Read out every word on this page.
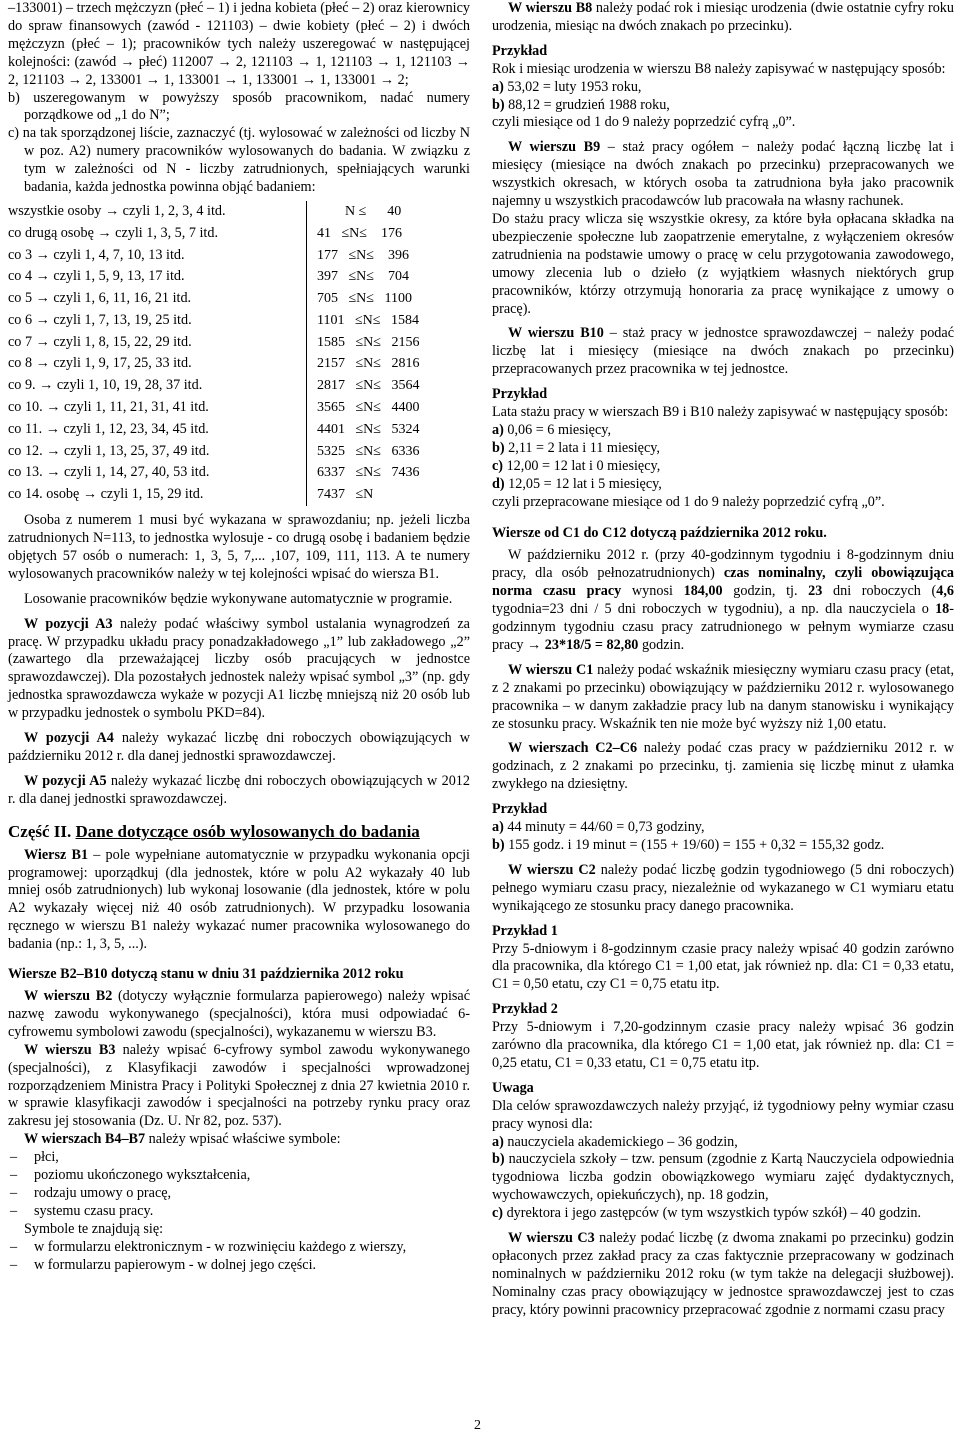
–133001) – trzech mężczyzn (płeć – 1) i jedna kobieta (płeć – 2) oraz kierownicy do spraw finansowych (zawód - 121103) – dwie kobiety (płeć – 2) i dwóch mężczyzn (płeć – 1); pracowników tych należy uszeregować w następującej kolejności: (zawód → płeć) 112007 → 2, 121103 → 1, 121103 → 1, 121103 → 2, 121103 → 2, 133001 → 1, 133001 → 1, 133001 → 1, 133001 → 2;

b) uszeregowanym w powyższy sposób pracownikom, nadać numery porządkowe od „1 do N”;

c) na tak sporządzonej liście, zaznaczyć (tj. wylosować w zależności od liczby N w poz. A2) numery pracowników wylosowanych do badania. W związku z tym w zależności od N - liczby zatrudnionych, spełniających warunki badania, każda jednostka powinna objąć badaniem:

wszystkie osoby → czyli 1, 2, 3, 4 itd.	N ≤      40
co drugą osobę → czyli 1, 3, 5, 7 itd.	41   ≤N≤    176
co 3 → czyli 1, 4, 7, 10, 13 itd.	177   ≤N≤    396
co 4 → czyli 1, 5, 9, 13, 17 itd.	397   ≤N≤    704
co 5 → czyli 1, 6, 11, 16, 21 itd.	705   ≤N≤   1100
co 6 → czyli 1, 7, 13, 19, 25 itd.	1101   ≤N≤   1584
co 7 → czyli 1, 8, 15, 22, 29 itd.	1585   ≤N≤   2156
co 8 → czyli 1, 9, 17, 25, 33 itd.	2157   ≤N≤   2816
co 9. → czyli 1, 10, 19, 28, 37 itd.	2817   ≤N≤   3564
co 10. → czyli 1, 11, 21, 31, 41 itd.	3565   ≤N≤   4400
co 11. → czyli 1, 12, 23, 34, 45 itd.	4401   ≤N≤   5324
co 12. → czyli 1, 13, 25, 37, 49 itd.	5325   ≤N≤   6336
co 13. → czyli 1, 14, 27, 40, 53 itd.	6337   ≤N≤   7436
co 14. osobę → czyli 1, 15, 29 itd.	7437   ≤N

Osoba z numerem 1 musi być wykazana w sprawozdaniu; np. jeżeli liczba zatrudnionych N=113, to jednostka wylosuje - co drugą osobę i badaniem będzie objętych 57 osób o numerach: 1, 3, 5, 7,... ,107, 109, 111, 113. A te numery wylosowanych pracowników należy w tej kolejności wpisać do wiersza B1.

Losowanie pracowników będzie wykonywane automatycznie w programie.

W pozycji A3 należy podać właściwy symbol ustalania wynagrodzeń za pracę. W przypadku układu pracy ponadzakładowego „1” lub zakładowego „2” (zawartego dla przeważającej liczby osób pracujących w jednostce sprawozdawczej). Dla pozostałych jednostek należy wpisać symbol „3” (np. gdy jednostka sprawozdawcza wykaże w pozycji A1 liczbę mniejszą niż 20 osób lub w przypadku jednostek o symbolu PKD=84).

W pozycji A4 należy wykazać liczbę dni roboczych obowiązujących w październiku 2012 r. dla danej jednostki sprawozdawczej.

W pozycji A5 należy wykazać liczbę dni roboczych obowiązujących w 2012 r. dla danej jednostki sprawozdawczej.

Część II. Dane dotyczące osób wylosowanych do badania

Wiersz B1 – pole wypełniane automatycznie w przypadku wykonania opcji programowej: uporządkuj (dla jednostek, które w polu A2 wykazały 40 lub mniej osób zatrudnionych) lub wykonaj losowanie (dla jednostek, które w polu A2 wykazały więcej niż 40 osób zatrudnionych). W przypadku losowania ręcznego w wierszu B1 należy wykazać numer pracownika wylosowanego do badania (np.: 1, 3, 5, ...).

Wiersze B2–B10 dotyczą stanu w dniu 31 października 2012 roku

W wierszu B2 (dotyczy wyłącznie formularza papierowego) należy wpisać nazwę zawodu wykonywanego (specjalności), która musi odpowiadać 6-cyfrowemu symbolowi zawodu (specjalności), wykazanemu w wierszu B3.

W wierszu B3 należy wpisać 6-cyfrowy symbol zawodu wykonywanego (specjalności), z Klasyfikacji zawodów i specjalności wprowadzonej rozporządzeniem Ministra Pracy i Polityki Społecznej z dnia 27 kwietnia 2010 r. w sprawie klasyfikacji zawodów i specjalności na potrzeby rynku pracy oraz zakresu jej stosowania (Dz. U. Nr 82, poz. 537).

W wierszach B4–B7 należy wpisać właściwe symbole:

– płci,

– poziomu ukończonego wykształcenia,

– rodzaju umowy o pracę,

– systemu czasu pracy.

Symbole te znajdują się:

– w formularzu elektronicznym - w rozwinięciu każdego z wierszy,

– w formularzu papierowym - w dolnej jego części.

W wierszu B8 należy podać rok i miesiąc urodzenia (dwie ostatnie cyfry roku urodzenia, miesiąc na dwóch znakach po przecinku).

Przykład

Rok i miesiąc urodzenia w wierszu B8 należy zapisywać w następujący sposób:

a) 53,02 = luty 1953 roku,

b) 88,12 = grudzień 1988 roku,

czyli miesiące od 1 do 9 należy poprzedzić cyfrą „0”.

W wierszu B9 – staż pracy ogółem − należy podać łączną liczbę lat i miesięcy (miesiące na dwóch znakach po przecinku) przepracowanych we wszystkich okresach, w których osoba ta zatrudniona była jako pracownik najemny u wszystkich pracodawców lub pracowała na własny rachunek.

Do stażu pracy wlicza się wszystkie okresy, za które była opłacana składka na ubezpieczenie społeczne lub zaopatrzenie emerytalne, z wyłączeniem okresów zatrudnienia na podstawie umowy o pracę w celu przygotowania zawodowego, umowy zlecenia lub o dzieło (z wyjątkiem własnych niektórych grup pracowników, którzy otrzymują honoraria za pracę wynikające z umowy o pracę).

W wierszu B10 – staż pracy w jednostce sprawozdawczej − należy podać liczbę lat i miesięcy (miesiące na dwóch znakach po przecinku) przepracowanych przez pracownika w tej jednostce.

Przykład

Lata stażu pracy w wierszach B9 i B10 należy zapisywać w następujący sposób:

a) 0,06 = 6 miesięcy,

b) 2,11 = 2 lata i 11 miesięcy,

c) 12,00 = 12 lat i 0 miesięcy,

d) 12,05 = 12 lat i 5 miesięcy,

czyli przepracowane miesiące od 1 do 9 należy poprzedzić cyfrą „0”.

Wiersze od C1 do C12 dotyczą października 2012 roku.

W październiku 2012 r. (przy 40-godzinnym tygodniu i 8-godzinnym dniu pracy, dla osób pełnozatrudnionych) czas nominalny, czyli obowiązująca norma czasu pracy wynosi 184,00 godzin, tj. 23 dni roboczych (4,6 tygodnia=23 dni / 5 dni roboczych w tygodniu), a np. dla nauczyciela o 18-godzinnym tygodniu czasu pracy zatrudnionego w pełnym wymiarze czasu pracy → 23*18/5 = 82,80 godzin.

W wierszu C1 należy podać wskaźnik miesięczny wymiaru czasu pracy (etat, z 2 znakami po przecinku) obowiązujący w październiku 2012 r. wylosowanego pracownika – w danym zakładzie pracy lub na danym stanowisku i wynikający ze stosunku pracy. Wskaźnik ten nie może być wyższy niż 1,00 etatu.

W wierszach C2–C6 należy podać czas pracy w październiku 2012 r. w godzinach, z 2 znakami po przecinku, tj. zamienia się liczbę minut z ułamka zwykłego na dziesiętny.

Przykład

a) 44 minuty = 44/60 = 0,73 godziny,

b) 155 godz. i 19 minut = (155 + 19/60) = 155 + 0,32 = 155,32 godz.

W wierszu C2 należy podać liczbę godzin tygodniowego (5 dni roboczych) pełnego wymiaru czasu pracy, niezależnie od wykazanego w C1 wymiaru etatu wynikającego ze stosunku pracy danego pracownika.

Przykład 1

Przy 5-dniowym i 8-godzinnym czasie pracy należy wpisać 40 godzin zarówno dla pracownika, dla którego C1 = 1,00 etat, jak również np. dla: C1 = 0,33 etatu, C1 = 0,50 etatu, czy C1 = 0,75 etatu itp.

Przykład 2

Przy 5-dniowym i 7,20-godzinnym czasie pracy należy wpisać 36 godzin zarówno dla pracownika, dla którego C1 = 1,00 etat, jak również np. dla: C1 = 0,25 etatu, C1 = 0,33 etatu, C1 = 0,75 etatu itp.

Uwaga

Dla celów sprawozdawczych należy przyjąć, iż tygodniowy pełny wymiar czasu pracy wynosi dla:

a) nauczyciela akademickiego – 36 godzin,

b) nauczyciela szkoły – tzw. pensum (zgodnie z Kartą Nauczyciela odpowiednia tygodniowa liczba godzin obowiązkowego wymiaru zajęć dydaktycznych, wychowawczych, opiekuńczych), np. 18 godzin,

c) dyrektora i jego zastępców (w tym wszystkich typów szkół) – 40 godzin.

W wierszu C3 należy podać liczbę (z dwoma znakami po przecinku) godzin opłaconych przez zakład pracy za czas faktycznie przepracowany w godzinach nominalnych w październiku 2012 roku (w tym także na delegacji służbowej). Nominalny czas pracy obowiązujący w jednostce sprawozdawczej jest to czas pracy, który powinni pracownicy przepracować zgodnie z normami czasu pracy

2
